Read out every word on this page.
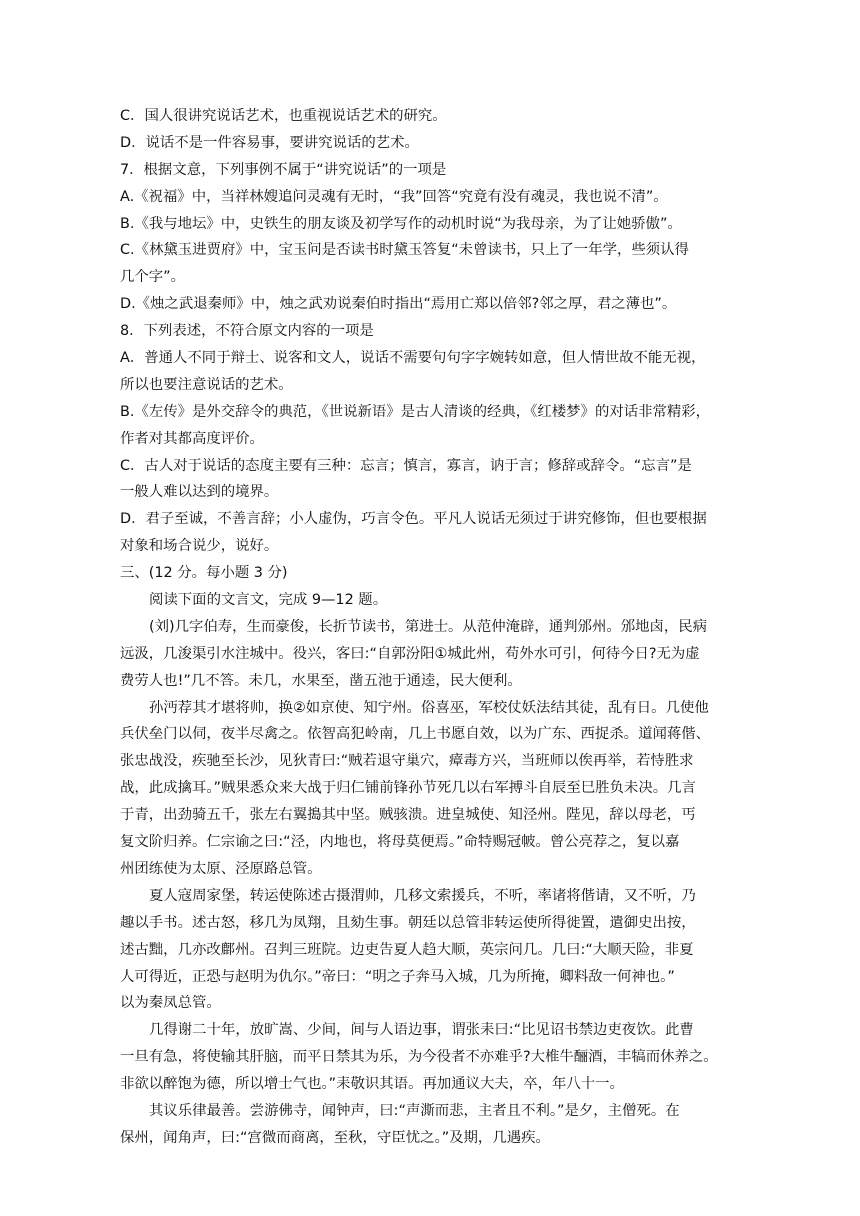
C．国人很讲究说话艺术，也重视说话艺术的研究。
D．说话不是一件容易事，要讲究说话的艺术。
7．根据文意，下列事例不属于“讲究说话”的一项是
A.《祝福》中，当祥林嫂追问灵魂有无时，“我”回答“究竟有没有魂灵，我也说不清”。
B.《我与地坛》中，史铁生的朋友谈及初学写作的动机时说“为我母亲，为了让她骄傲”。
C.《林黛玉进贾府》中，宝玉问是否读书时黛玉答复“未曾读书，只上了一年学，些须认得
几个字”。
D.《烛之武退秦师》中，烛之武劝说秦伯时指出“焉用亡郑以倍邻?邻之厚，君之薄也”。
8．下列表述，不符合原文内容的一项是
A．普通人不同于辩士、说客和文人，说话不需要句句字字婉转如意，但人情世故不能无视，
所以也要注意说话的艺术。
B.《左传》是外交辞令的典范，《世说新语》是古人清谈的经典，《红楼梦》的对话非常精彩，
作者对其都高度评价。
C．古人对于说话的态度主要有三种：忘言；慎言，寡言，讷于言；修辞或辞令。“忘言”是
一般人难以达到的境界。
D．君子至诚，不善言辞；小人虚伪，巧言令色。平凡人说话无须过于讲究修饰，但也要根据
对象和场合说少，说好。
三、(12 分。每小题 3 分)
阅读下面的文言文，完成 9—12 题。
(刘)几字伯寿，生而豪俊，长折节读书，第进士。从范仲淹辟，通判邠州。邠地卤，民病
远汲，几浚渠引水注城中。役兴，客曰:“自郭汾阳①城此州，苟外水可引，何待今日?无为虚
费劳人也!”几不答。未几，水果至，凿五池于通逵，民大便利。
孙沔荐其才堪将帅，换②如京使、知宁州。俗喜巫，军校仗妖法结其徒，乱有日。几使他
兵伏垒门以伺，夜半尽禽之。依智高犯岭南，几上书愿自效，以为广东、西捉杀。道闻蒋偕、
张忠战没，疾驰至长沙，见狄青曰:“贼若退守巢穴，瘴毒方兴，当班师以俟再举，若恃胜求
战，此成擒耳。”贼果悉众来大战于归仁铺前锋孙节死几以右军搏斗自辰至巳胜负未决。几言
于青，出劲骑五千，张左右翼搗其中坚。贼骇溃。进皇城使、知泾州。陛见，辞以母老，丐
复文阶归养。仁宗谕之曰:“泾，内地也，将母莫便焉。”命特赐冠帔。曾公亮荐之，复以嘉
州团练使为太原、泾原路总管。
夏人寇周家堡，转运使陈述古摄渭帅，几移文索援兵，不听，率诸将偕请，又不听，乃
趣以手书。述古怒，移几为凤翔，且劾生事。朝廷以总管非转运使所得徙置，遣御史出按，
述古黜，几亦改鄜州。召判三班院。边吏告夏人趋大顺，英宗问几。几曰:“大顺天险，非夏
人可得近，正恐与赵明为仇尔。”帝曰：“明之子奔马入城，几为所掩，卿料敌一何神也。”
以为秦凤总管。
几得谢二十年，放旷嵩、少间，间与人语边事，谓张耒曰:“比见诏书禁边吏夜饮。此曹
一旦有急，将使输其肝脑，而平日禁其为乐，为今役者不亦难乎?大椎牛酾酒，丰犒而休养之。
非欲以醉饱为德，所以增士气也。”耒敬识其语。再加通议大夫，卒，年八十一。
其议乐律最善。尝游佛寺，闻钟声，曰:“声澌而悲，主者且不利。”是夕，主僧死。在
保州，闻角声，曰:“宫微而商离，至秋，守臣忧之。”及期，几遇疾。
